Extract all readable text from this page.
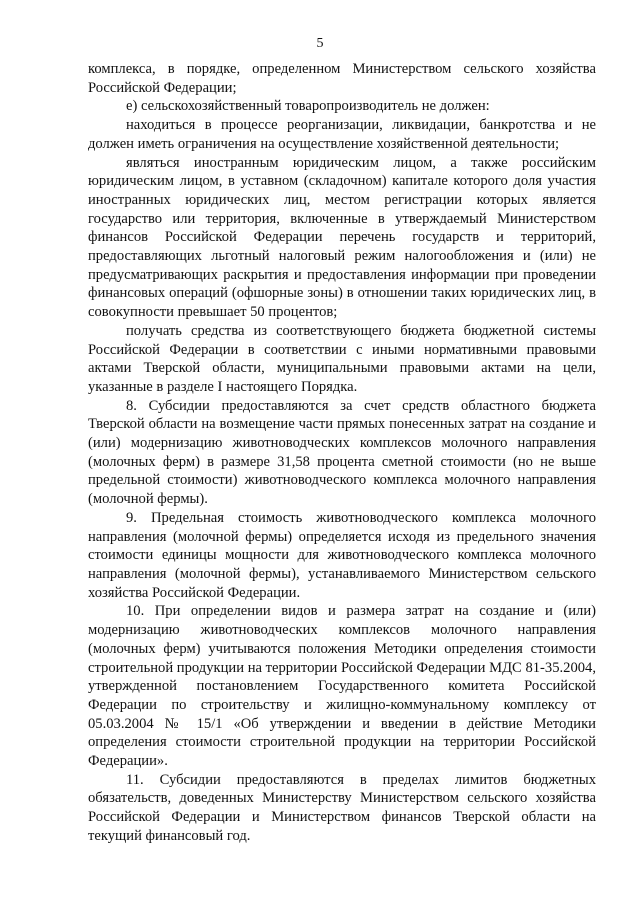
5

комплекса, в порядке, определенном Министерством сельского хозяйства Российской Федерации;

е) сельскохозяйственный товаропроизводитель не должен:

находиться в процессе реорганизации, ликвидации, банкротства и не должен иметь ограничения на осуществление хозяйственной деятельности;

являться иностранным юридическим лицом, а также российским юридическим лицом, в уставном (складочном) капитале которого доля участия иностранных юридических лиц, местом регистрации которых является государство или территория, включенные в утверждаемый Министерством финансов Российской Федерации перечень государств и территорий, предоставляющих льготный налоговый режим налогообложения и (или) не предусматривающих раскрытия и предоставления информации при проведении финансовых операций (офшорные зоны) в отношении таких юридических лиц, в совокупности превышает 50 процентов;

получать средства из соответствующего бюджета бюджетной системы Российской Федерации в соответствии с иными нормативными правовыми актами Тверской области, муниципальными правовыми актами на цели, указанные в разделе I настоящего Порядка.

8. Субсидии предоставляются за счет средств областного бюджета Тверской области на возмещение части прямых понесенных затрат на создание и (или) модернизацию животноводческих комплексов молочного направления (молочных ферм) в размере 31,58 процента сметной стоимости (но не выше предельной стоимости) животноводческого комплекса молочного направления (молочной фермы).

9. Предельная стоимость животноводческого комплекса молочного направления (молочной фермы) определяется исходя из предельного значения стоимости единицы мощности для животноводческого комплекса молочного направления (молочной фермы), устанавливаемого Министерством сельского хозяйства Российской Федерации.

10. При определении видов и размера затрат на создание и (или) модернизацию животноводческих комплексов молочного направления (молочных ферм) учитываются положения Методики определения стоимости строительной продукции на территории Российской Федерации МДС 81-35.2004, утвержденной постановлением Государственного комитета Российской Федерации по строительству и жилищно-коммунальному комплексу от 05.03.2004 № 15/1 «Об утверждении и введении в действие Методики определения стоимости строительной продукции на территории Российской Федерации».

11. Субсидии предоставляются в пределах лимитов бюджетных обязательств, доведенных Министерству Министерством сельского хозяйства Российской Федерации и Министерством финансов Тверской области на текущий финансовый год.
